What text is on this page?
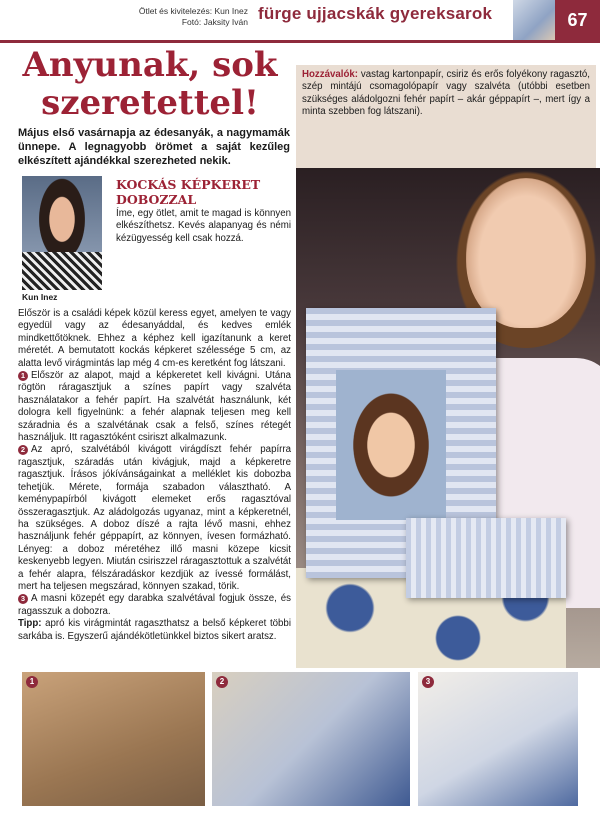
Ötlet és kivitelezés: Kun Inez
Fotó: Jaksity Iván fürge ujjacskák gyereksarok	67
Anyunak, sok szeretettel!
Május első vasárnapja az édesanyák, a nagymamák ünnepe. A legnagyobb örömet a saját kezűleg elkészített ajándékkal szerezheted nekik.
Kun Inez
KOCKÁS KÉPKERET DOBOZZAL

Íme, egy ötlet, amit te magad is könnyen elkészíthetsz. Kevés alapanyag és némi kézügyesség kell csak hozzá.

Először is a családi képek közül keress egyet, amelyen te vagy egyedül vagy az édesanyáddal, és kedves emlék mindkettőtöknek. Ehhez a képhez kell igazítanunk a keret méretét. A bemutatott kockás képkeret szélessége 5 cm, az alatta levő virágmintás lap még 4 cm-es keretként fog látszani.

1 Először az alapot, majd a képkeretet kell kivágni. Utána rögtön ráragasztjuk a színes papírt vagy szalvéta használatakor a fehér papírt. Ha szalvétát használunk, két dologra kell figyelnünk: a fehér alapnak teljesen meg kell száradnia és a szalvétának csak a felső, színes rétegét használjuk. Itt ragasztóként csiriszt alkalmazunk.

2 Az apró, szalvétából kivágott virágdíszt fehér papírra ragasztjuk, száradás után kivágjuk, majd a képkeretre ragasztjuk. Írásos jókívánságainkat a melléklet kis dobozba tehetjük. Mérete, formája szabadon választható. A keménypapírból kivágott elemeket erős ragasztóval összeragasztjuk. Az aládolgozás ugyanaz, mint a képkeretnél, ha szükséges. A doboz díszé a rajta lévő masni, ehhez használjunk fehér géppapírt, az könnyen, ívesen formázható. Lényeg: a doboz méretéhez illő masni közepe kicsit keskenyebb legyen. Miután csiriszzel ráragasztottuk a szalvétát a fehér alapra, félszáradáskor kezdjük az ívessé formálást, mert ha teljesen megszárad, könnyen szakad, törik.

3 A masni közepét egy darabka szalvétával fogjuk össze, és ragasszuk a dobozra.

Tipp: apró kis virágmintát ragaszthatsz a belső képkeret többi sarkába is. Egyszerű ajándékötletünkkel biztos sikert aratsz.

Hozzávalók: vastag kartonpapír, csiriz és erős folyékony ragasztó, szép mintájú csomagolópapír vagy szalvéta (utóbbi esetben szükséges aládolgozni fehér papírt – akár géppapírt –, mert így a minta szebben fog látszani).
1	2	3
